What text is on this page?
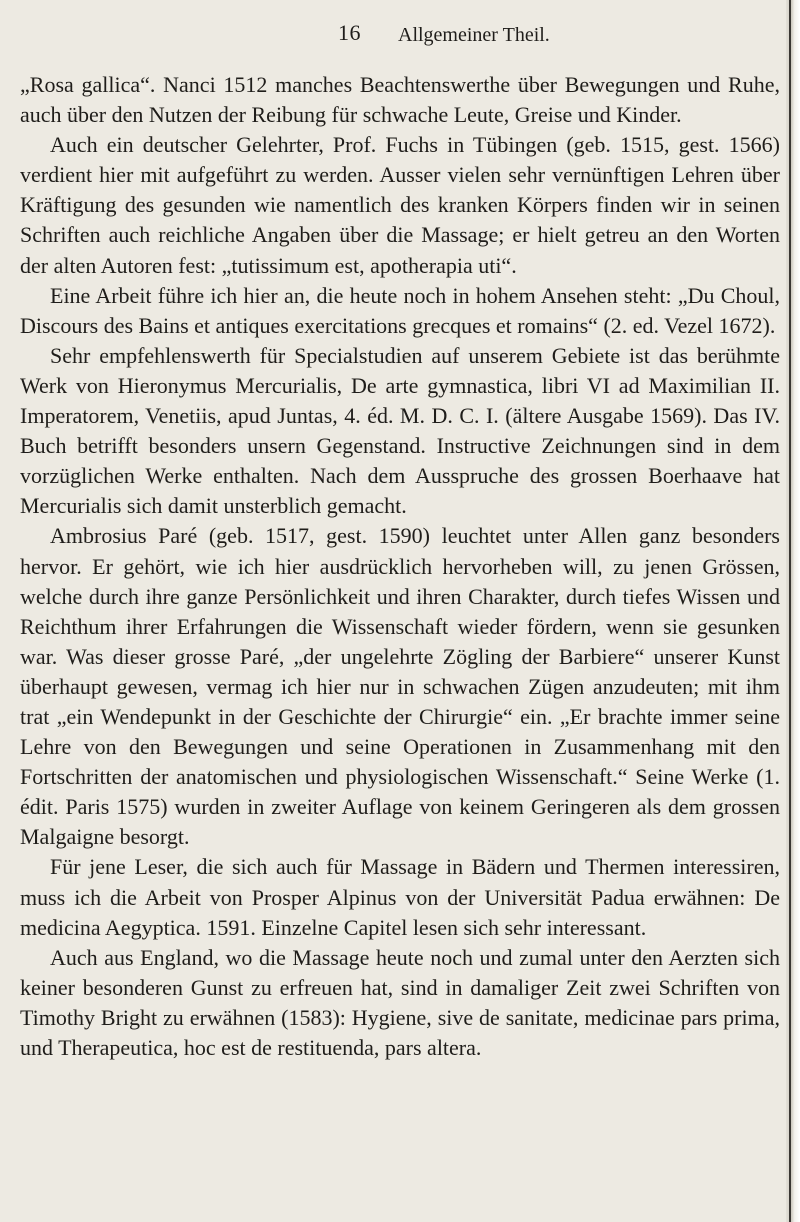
16 Allgemeiner Theil.

„Rosa gallica“. Nanci 1512 manches Beachtenswerthe über Bewegungen und Ruhe, auch über den Nutzen der Reibung für schwache Leute, Greise und Kinder.

Auch ein deutscher Gelehrter, Prof. Fuchs in Tübingen (geb. 1515, gest. 1566) verdient hier mit aufgeführt zu werden. Ausser vielen sehr vernünftigen Lehren über Kräftigung des gesunden wie namentlich des kranken Körpers finden wir in seinen Schriften auch reichliche Angaben über die Massage; er hielt getreu an den Worten der alten Autoren fest: „tutissimum est, apotherapia uti“.

Eine Arbeit führe ich hier an, die heute noch in hohem Ansehen steht: „Du Choul, Discours des Bains et antiques exercitations grecques et romains“ (2. ed. Vezel 1672).

Sehr empfehlenswerth für Specialstudien auf unserem Gebiete ist das berühmte Werk von Hieronymus Mercurialis, De arte gymnastica, libri VI ad Maximilian II. Imperatorem, Venetiis, apud Juntas, 4. éd. M. D. C. I. (ältere Ausgabe 1569). Das IV. Buch betrifft besonders unsern Gegenstand. Instructive Zeichnungen sind in dem vorzüglichen Werke enthalten. Nach dem Ausspruche des grossen Boerhaave hat Mercurialis sich damit unsterblich gemacht.

Ambrosius Paré (geb. 1517, gest. 1590) leuchtet unter Allen ganz besonders hervor. Er gehört, wie ich hier ausdrücklich hervorheben will, zu jenen Grössen, welche durch ihre ganze Persönlichkeit und ihren Charakter, durch tiefes Wissen und Reichthum ihrer Erfahrungen die Wissenschaft wieder fördern, wenn sie gesunken war. Was dieser grosse Paré, „der ungelehrte Zögling der Barbiere“ unserer Kunst überhaupt gewesen, vermag ich hier nur in schwachen Zügen anzudeuten; mit ihm trat „ein Wendepunkt in der Geschichte der Chirurgie“ ein. „Er brachte immer seine Lehre von den Bewegungen und seine Operationen in Zusammenhang mit den Fortschritten der anatomischen und physiologischen Wissenschaft.“ Seine Werke (1. édit. Paris 1575) wurden in zweiter Auflage von keinem Geringeren als dem grossen Malgaigne besorgt.

Für jene Leser, die sich auch für Massage in Bädern und Thermen interessiren, muss ich die Arbeit von Prosper Alpinus von der Universität Padua erwähnen: De medicina Aegyptica. 1591. Einzelne Capitel lesen sich sehr interessant.

Auch aus England, wo die Massage heute noch und zumal unter den Aerzten sich keiner besonderen Gunst zu erfreuen hat, sind in damaliger Zeit zwei Schriften von Timothy Bright zu erwähnen (1583): Hygiene, sive de sanitate, medicinae pars prima, und Therapeutica, hoc est de restituenda, pars altera.
